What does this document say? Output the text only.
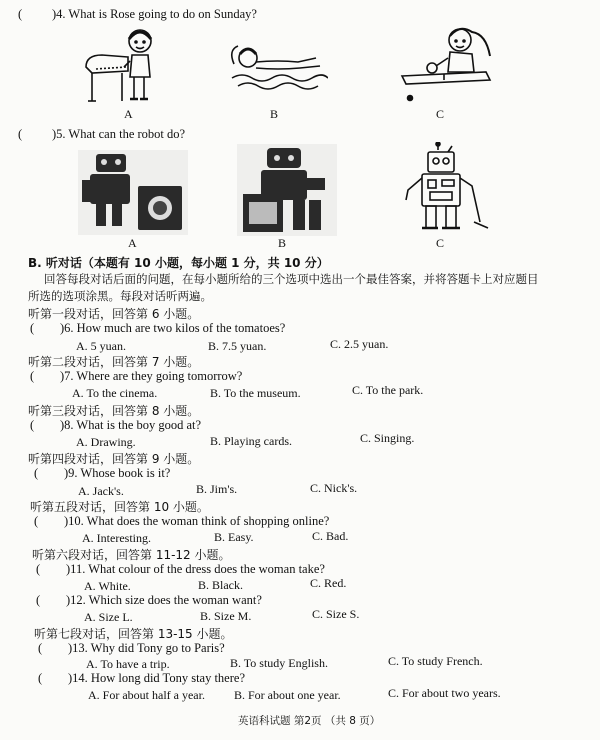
( )4. What is Rose going to do on Sunday?
A	B	C
( )5. What can the robot do?
A	B	C
B. 听对话（本题有 10 小题，每小题 1 分，共 10 分）
回答每段对话后面的问题，在每小题所给的三个选项中选出一个最佳答案，并将答题卡上对应题目
所选的选项涂黑。每段对话听两遍。
听第一段对话，回答第 6 小题。
( )6. How much are two kilos of the tomatoes?
A. 5 yuan.	B. 7.5 yuan.	C. 2.5 yuan.
听第二段对话，回答第 7 小题。
( )7. Where are they going tomorrow?
A. To the cinema.	B. To the museum.	C. To the park.
听第三段对话，回答第 8 小题。
( )8. What is the boy good at?
A. Drawing.	B. Playing cards.	C. Singing.
听第四段对话，回答第 9 小题。
( )9. Whose book is it?
A. Jack's.	B. Jim's.	C. Nick's.
听第五段对话，回答第 10 小题。
( )10. What does the woman think of shopping online?
A. Interesting.	B. Easy.	C. Bad.
听第六段对话，回答第 11-12 小题。
( )11. What colour of the dress does the woman take?
A. White.	B. Black.	C. Red.
( )12. Which size does the woman want?
A. Size L.	B. Size M.	C. Size S.
听第七段对话，回答第 13-15 小题。
( )13. Why did Tony go to Paris?
A. To have a trip.	B. To study English.	C. To study French.
( )14. How long did Tony stay there?
A. For about half a year. B. For about one year.	C. For about two years.
英语科试题 第2页 （共 8 页）
